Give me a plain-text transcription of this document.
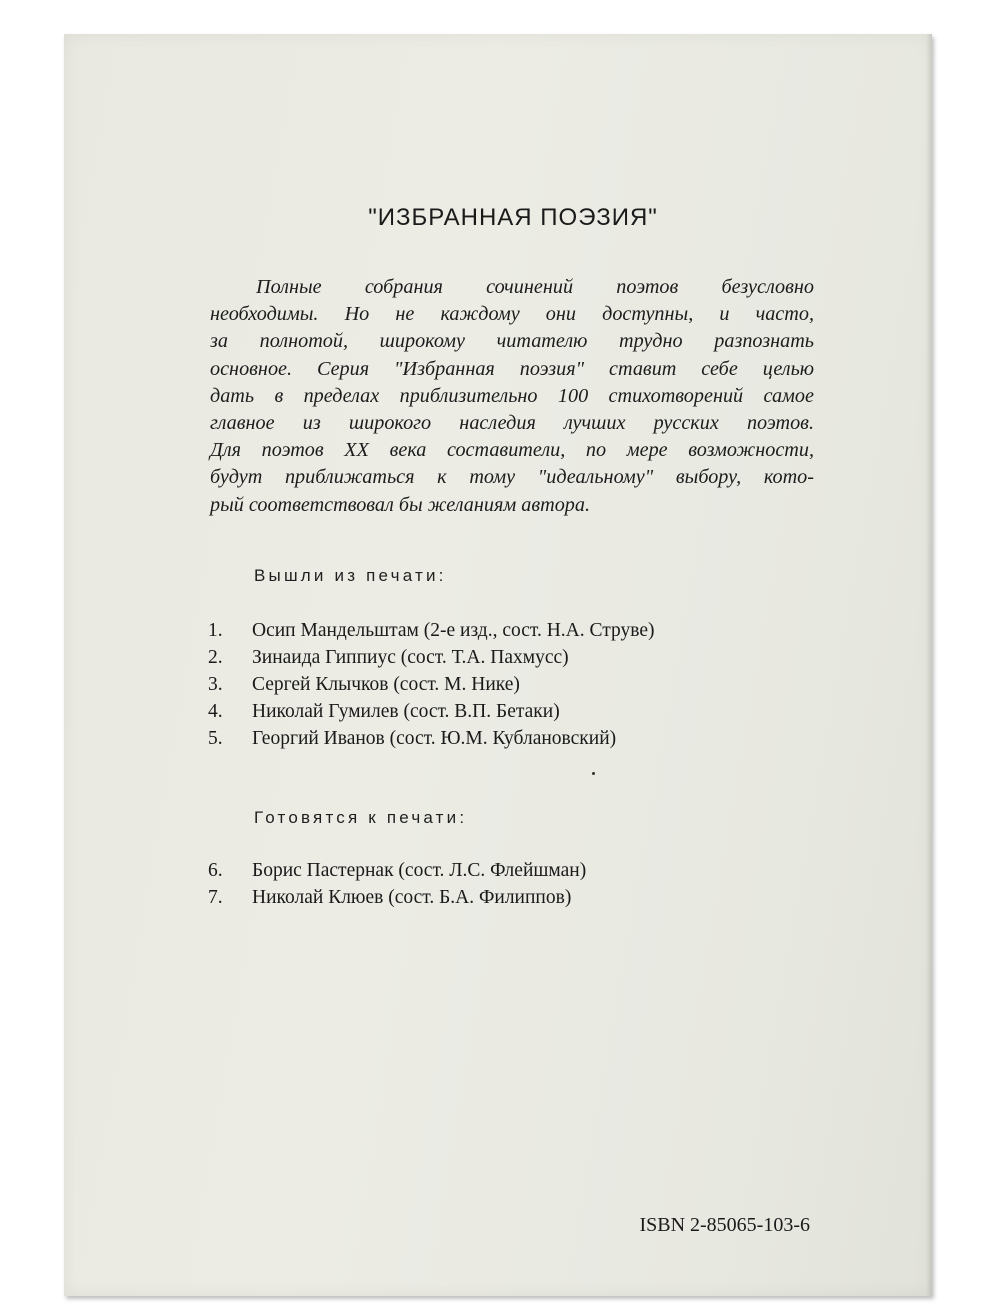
"ИЗБРАННАЯ ПОЭЗИЯ"
Полные собрания сочинений поэтов безусловно
необходимы. Но не каждому они доступны, и часто,
за полнотой, широкому читателю трудно разпознать
основное. Серия "Избранная поэзия" ставит себе целью
дать в пределах приблизительно 100 стихотворений самое
главное из широкого наследия лучших русских поэтов.
Для поэтов XX века составители, по мере возможности,
будут приближаться к тому "идеальному" выбору, кото-
рый соответствовал бы желаниям автора.
Вышли из печати:
1. Осип Мандельштам (2-е изд., сост. Н.А. Струве)
2. Зинаида Гиппиус (сост. Т.А. Пахмусс)
3. Сергей Клычков (сост. М. Нике)
4. Николай Гумилев (сост. В.П. Бетаки)
5. Георгий Иванов (сост. Ю.М. Кублановский)
Готовятся к печати:
6. Борис Пастернак (сост. Л.С. Флейшман)
7. Николай Клюев (сост. Б.А. Филиппов)
ISBN 2-85065-103-6
